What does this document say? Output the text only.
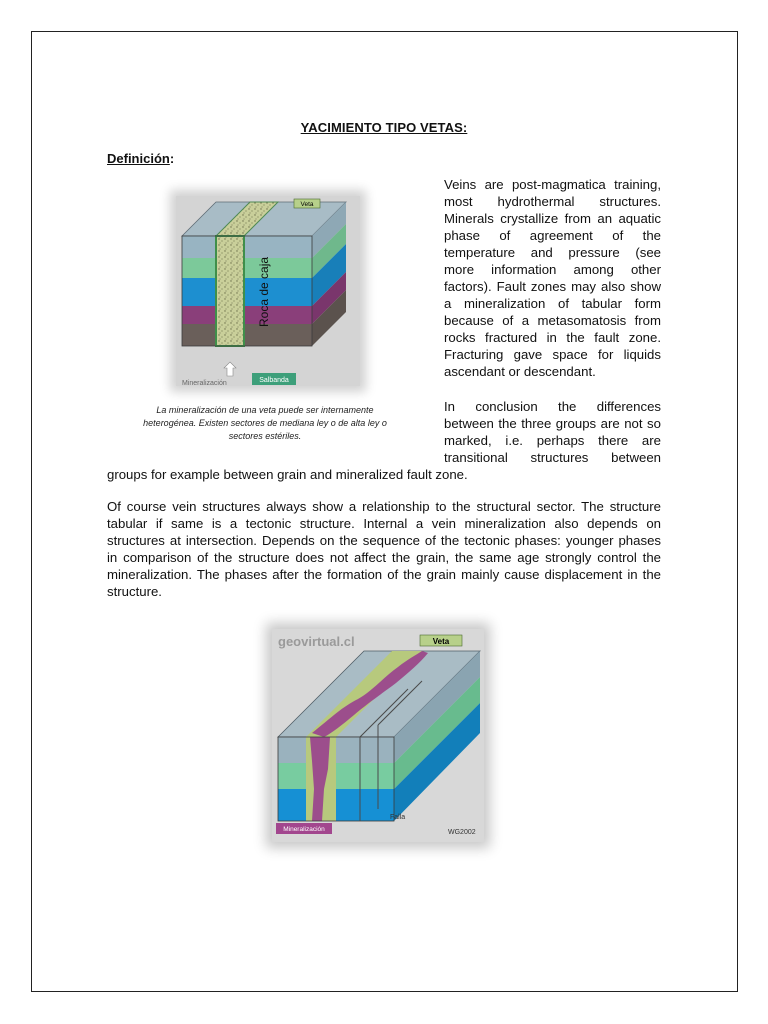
YACIMIENTO TIPO VETAS:
Definición:
Veta
Roca de caja
Salbanda
Mineralización
La mineralización de una veta puede ser internamente
heterogénea. Existen sectores de mediana ley o de alta ley o
sectores estériles.
Veins are post-magmatica training,
most hydrothermal structures.
Minerals crystallize from an aquatic
phase of agreement of the
temperature and pressure (see
more information among other
factors). Fault zones may also show
a mineralization of tabular form
because of a metasomatosis from
rocks fractured in the fault zone.
Fracturing gave space for liquids
ascendant or descendant.
In conclusion the differences
between the three groups are not so
marked, i.e. perhaps there are
transitional structures between
groups for example between grain and mineralized fault zone.
Of course vein structures always show a relationship to the structural sector. The structure
tabular if same is a tectonic structure. Internal a vein mineralization also depends on
structures at intersection. Depends on the sequence of the tectonic phases: younger phases
in comparison of the structure does not affect the grain, the same age strongly control the
mineralization. The phases after the formation of the grain mainly cause displacement in the
structure.
geovirtual.cl	Veta
Falla
Mineralización	WG2002
